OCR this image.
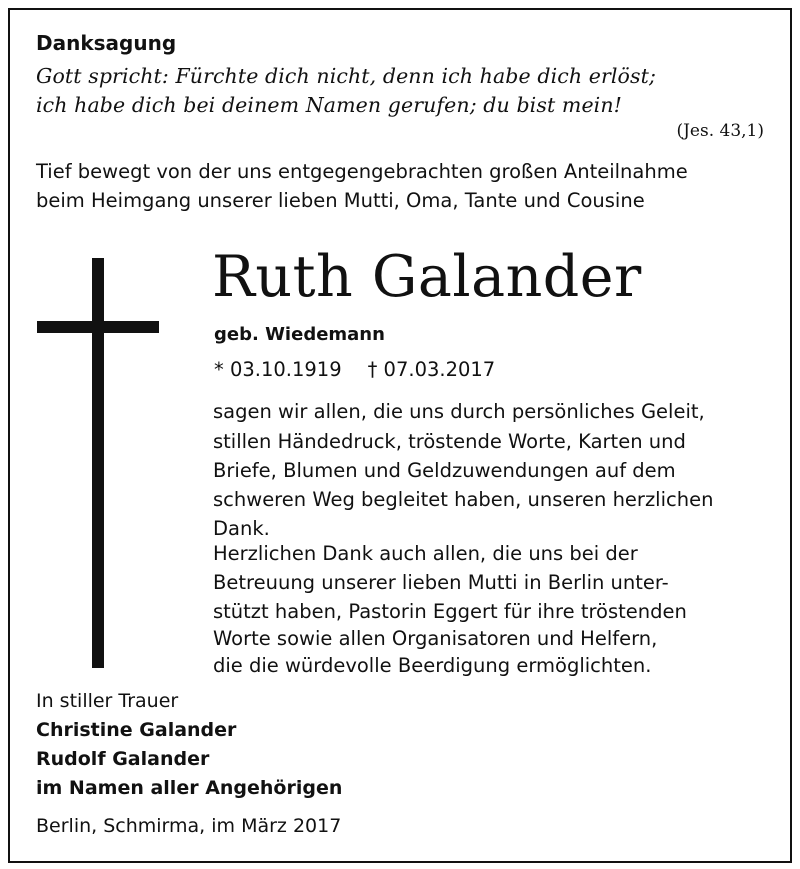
Danksagung
Gott spricht: Fürchte dich nicht, denn ich habe dich erlöst;
ich habe dich bei deinem Namen gerufen; du bist mein!
(Jes. 43,1)
Tief bewegt von der uns entgegengebrachten großen Anteilnahme
beim Heimgang unserer lieben Mutti, Oma, Tante und Cousine
Ruth Galander
geb. Wiedemann
* 03.10.1919 † 07.03.2017
sagen wir allen, die uns durch persönliches Geleit,
stillen Händedruck, tröstende Worte, Karten und
Briefe, Blumen und Geldzuwendungen auf dem
schweren Weg begleitet haben, unseren herzlichen
Dank.
Herzlichen Dank auch allen, die uns bei der
Betreuung unserer lieben Mutti in Berlin unter-
stützt haben, Pastorin Eggert für ihre tröstenden
Worte sowie allen Organisatoren und Helfern,
die die würdevolle Beerdigung ermöglichten.
In stiller Trauer
Christine Galander
Rudolf Galander
im Namen aller Angehörigen
Berlin, Schmirma, im März 2017
